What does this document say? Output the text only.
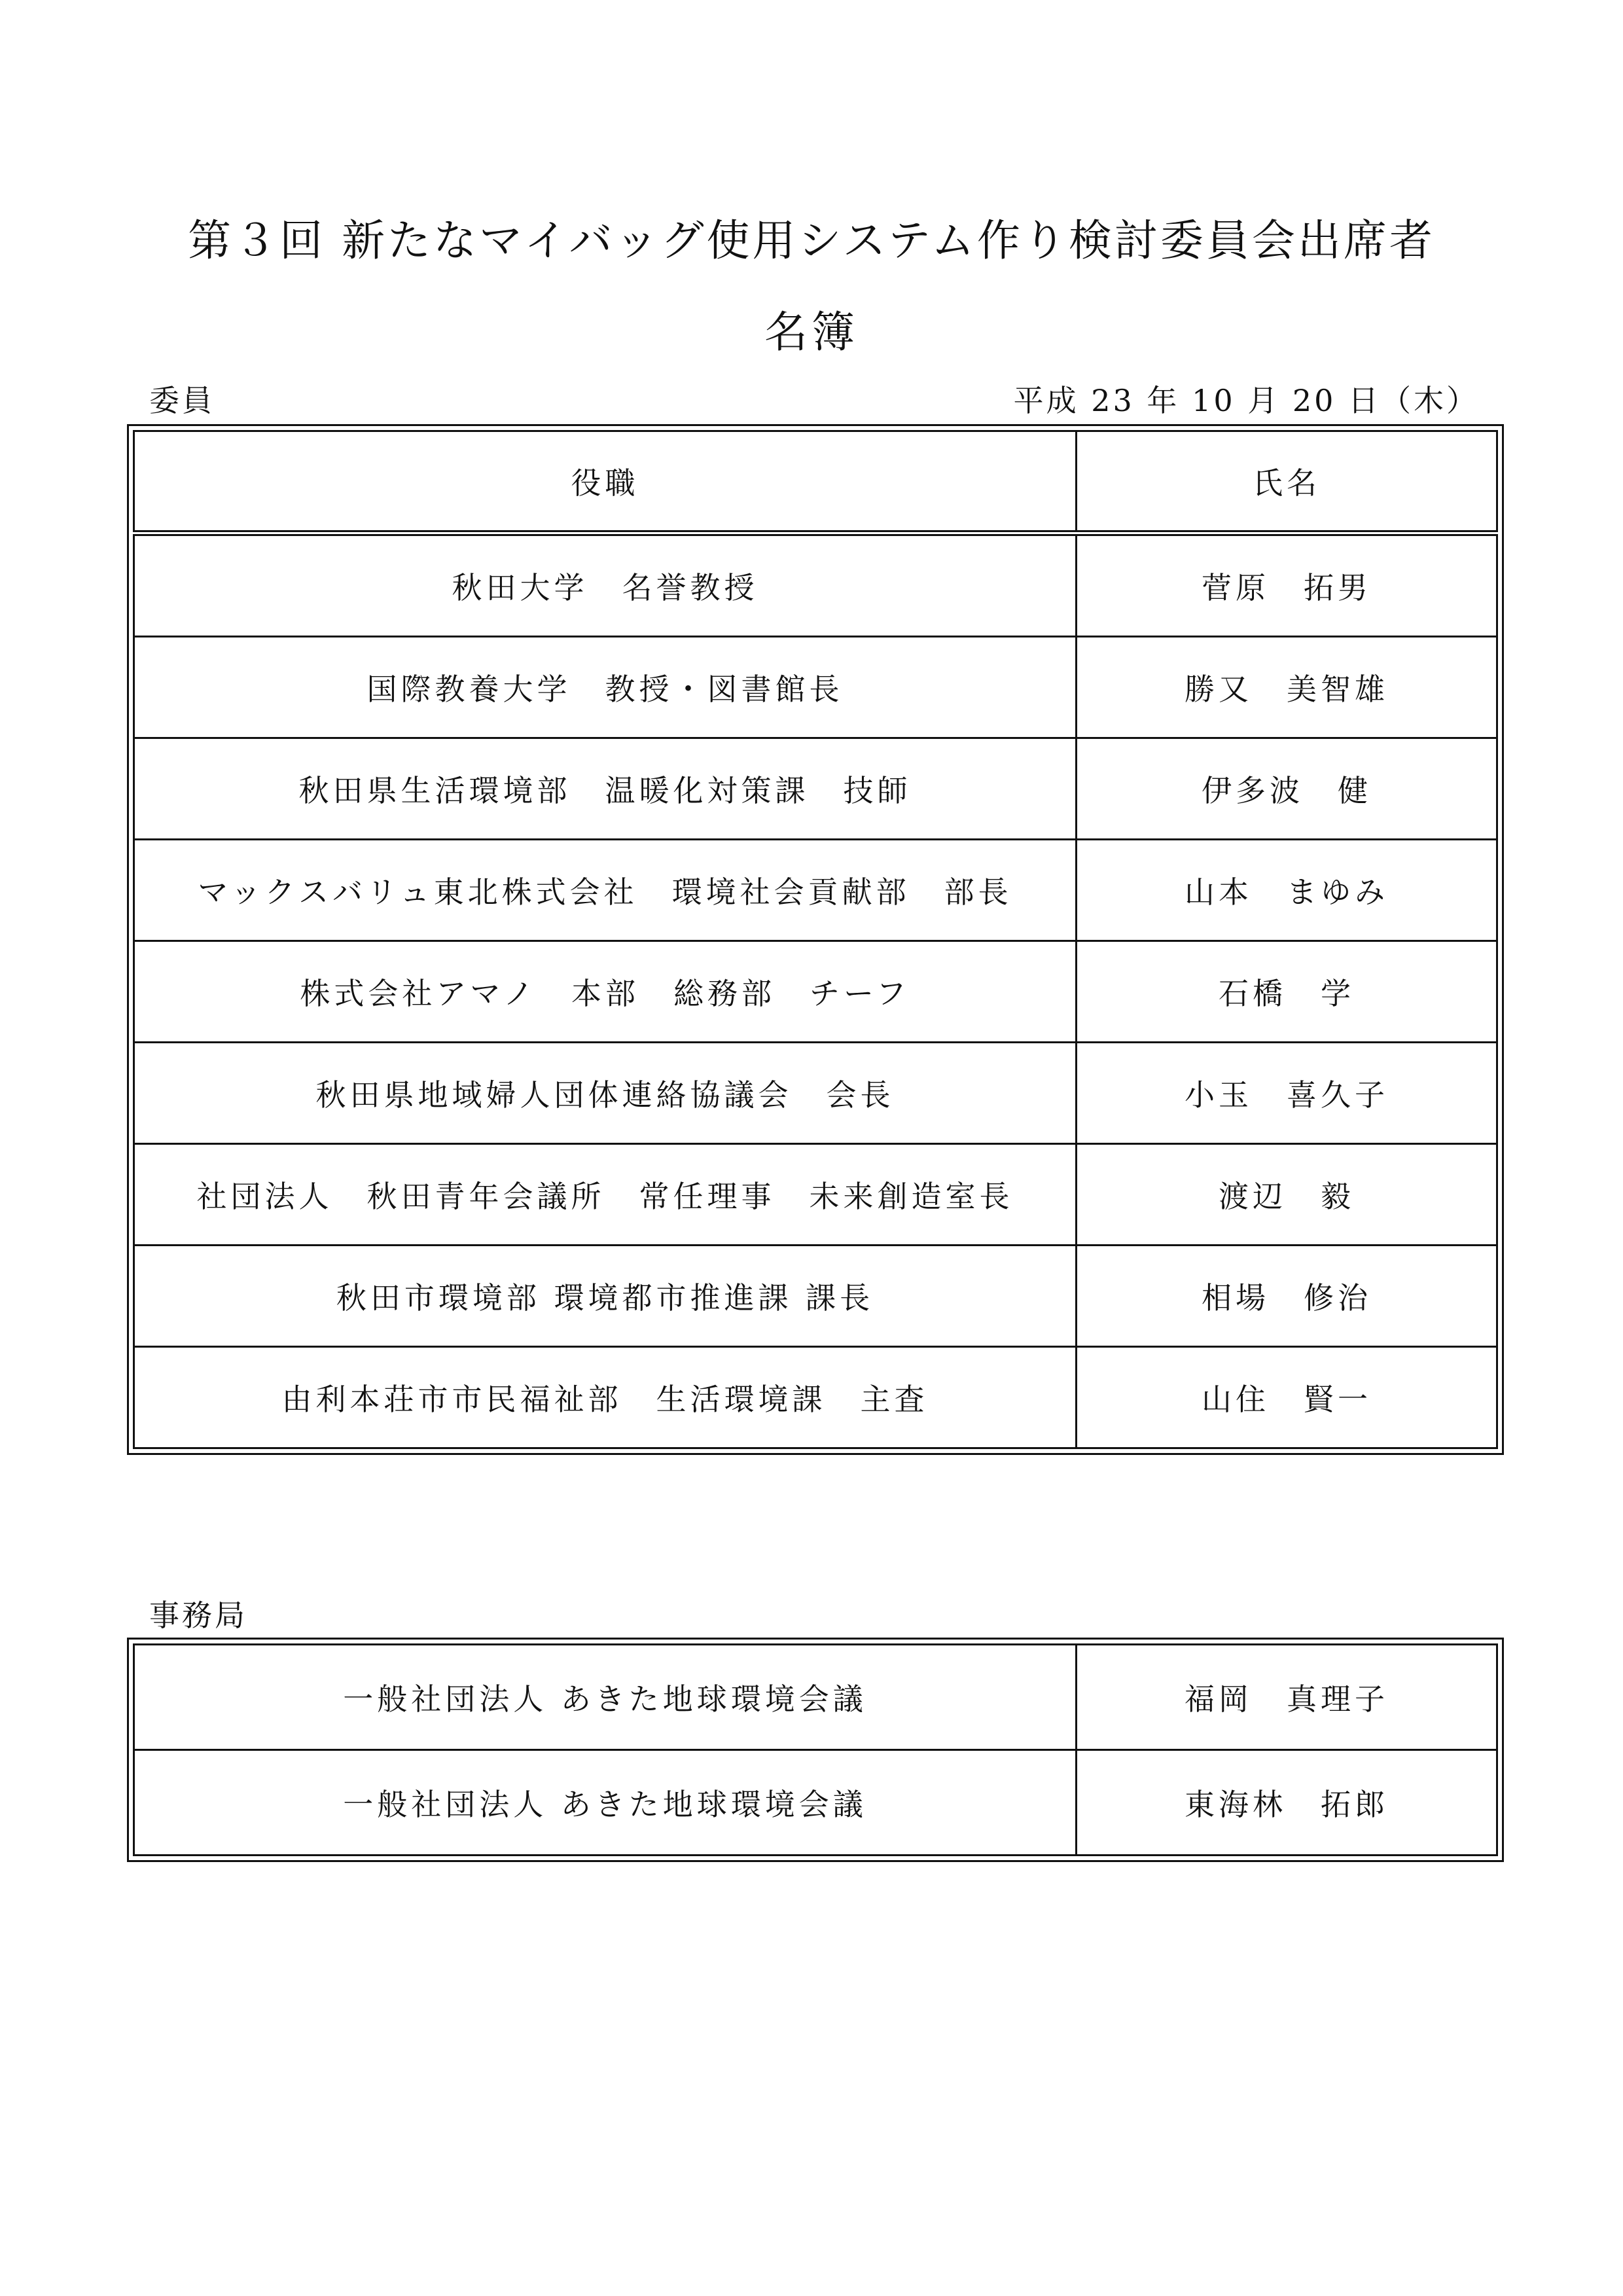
第３回 新たなマイバッグ使用システム作り検討委員会出席者
名簿
委員	平成 23 年 10 月 20 日（木）
役職	氏名
秋田大学　名誉教授	菅原　拓男
国際教養大学　教授・図書館長	勝又　美智雄
秋田県生活環境部　温暖化対策課　技師	伊多波　健
マックスバリュ東北株式会社　環境社会貢献部　部長	山本　まゆみ
株式会社アマノ　本部　総務部　チーフ	石橋　学
秋田県地域婦人団体連絡協議会　会長	小玉　喜久子
社団法人　秋田青年会議所　常任理事　未来創造室長	渡辺　毅
秋田市環境部 環境都市推進課 課長	相場　修治
由利本荘市市民福祉部　生活環境課　主査	山住　賢一
事務局
一般社団法人 あきた地球環境会議	福岡　真理子
一般社団法人 あきた地球環境会議	東海林　拓郎
